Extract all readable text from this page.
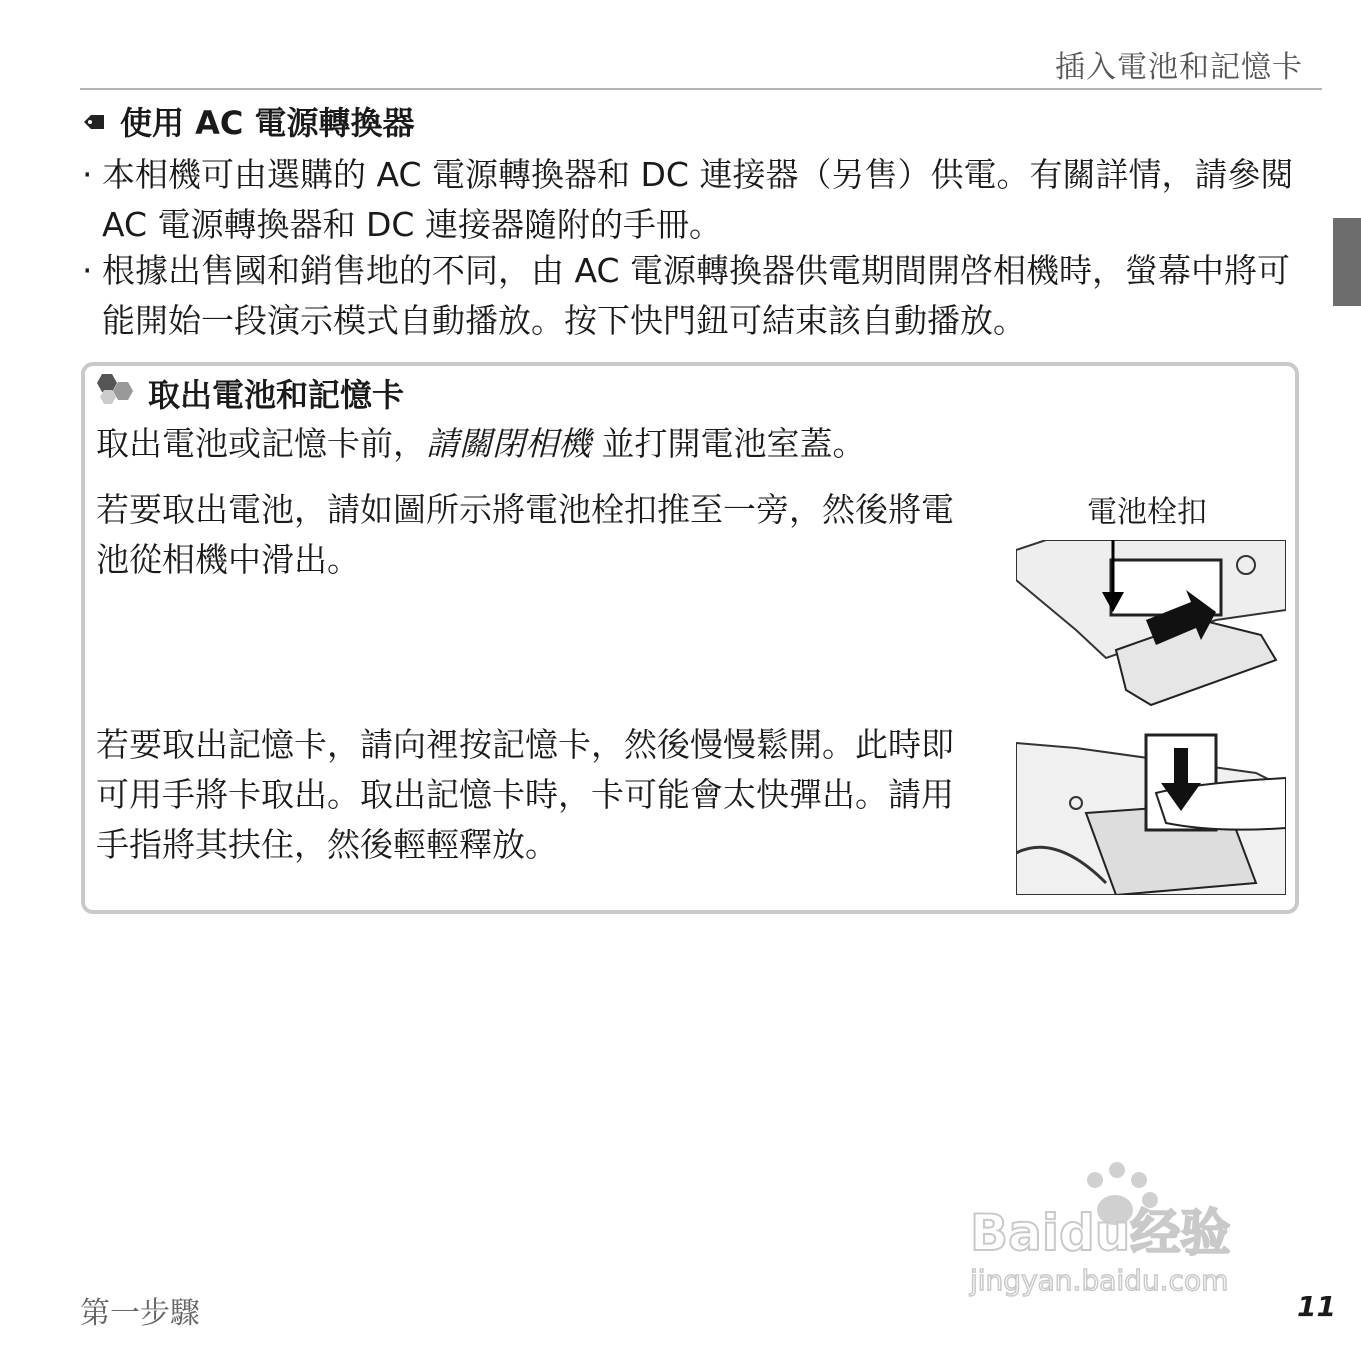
插入電池和記憶卡
使用 AC 電源轉換器
· 本相機可由選購的 AC 電源轉換器和 DC 連接器（另售）供電。有關詳情，請參閱 AC 電源轉換器和 DC 連接器隨附的手冊。
· 根據出售國和銷售地的不同，由 AC 電源轉換器供電期間開啓相機時，螢幕中將可能開始一段演示模式自動播放。按下快門鈕可結束該自動播放。
取出電池和記憶卡
取出電池或記憶卡前，請關閉相機 並打開電池室蓋。
若要取出電池，請如圖所示將電池栓扣推至一旁，然後將電池從相機中滑出。
電池栓扣
若要取出記憶卡，請向裡按記憶卡，然後慢慢鬆開。此時即可用手將卡取出。取出記憶卡時，卡可能會太快彈出。請用手指將其扶住，然後輕輕釋放。
第一步驟	11
Baidu经验
jingyan.baidu.com
